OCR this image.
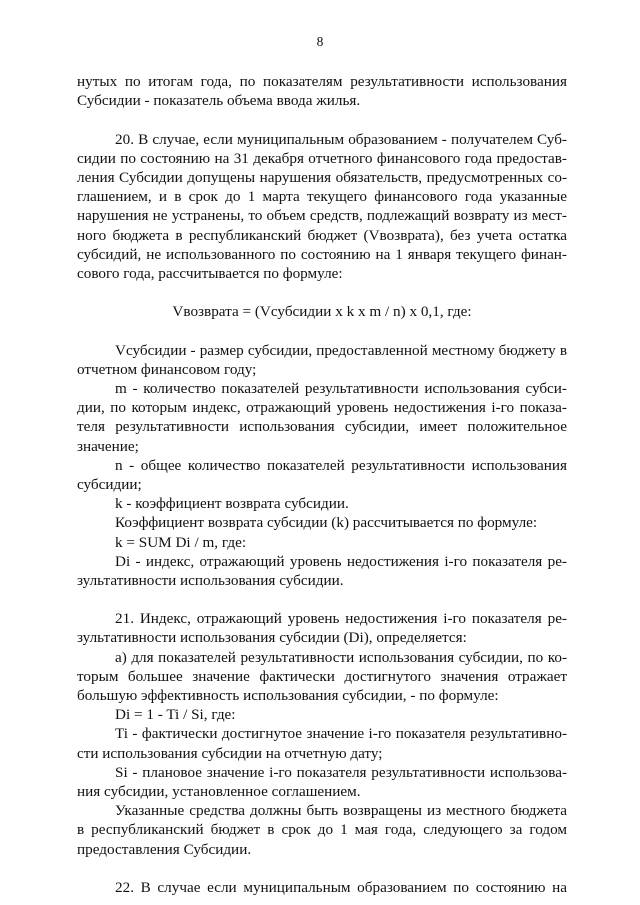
8
нутых по итогам года, по показателям результативности использования
Субсидии - показатель объема ввода жилья.
20. В случае, если муниципальным образованием - получателем Суб-
сидии по состоянию на 31 декабря отчетного финансового года предостав-
ления Субсидии допущены нарушения обязательств, предусмотренных со-
глашением, и в срок до 1 марта текущего финансового года указанные
нарушения не устранены, то объем средств, подлежащий возврату из мест-
ного бюджета в республиканский бюджет (Vвозврата), без учета остатка
субсидий, не использованного по состоянию на 1 января текущего финан-
сового года, рассчитывается по формуле:
Vвозврата = (Vсубсидии x k x m / n) x 0,1, где:
Vсубсидии - размер субсидии, предоставленной местному бюджету в
отчетном финансовом году;
m - количество показателей результативности использования субси-
дии, по которым индекс, отражающий уровень недостижения i-го показа-
теля результативности использования субсидии, имеет положительное
значение;
n - общее количество показателей результативности использования
субсидии;
k - коэффициент возврата субсидии.
Коэффициент возврата субсидии (k) рассчитывается по формуле:
k = SUM Di / m, где:
Di - индекс, отражающий уровень недостижения i-го показателя ре-
зультативности использования субсидии.
21. Индекс, отражающий уровень недостижения i-го показателя ре-
зультативности использования субсидии (Di), определяется:
а) для показателей результативности использования субсидии, по ко-
торым большее значение фактически достигнутого значения отражает
большую эффективность использования субсидии, - по формуле:
Di = 1 - Ti / Si, где:
Ti - фактически достигнутое значение i-го показателя результативно-
сти использования субсидии на отчетную дату;
Si - плановое значение i-го показателя результативности использова-
ния субсидии, установленное соглашением.
Указанные средства должны быть возвращены из местного бюджета
в республиканский бюджет в срок до 1 мая года, следующего за годом
предоставления Субсидии.
22. В случае если муниципальным образованием по состоянию на
